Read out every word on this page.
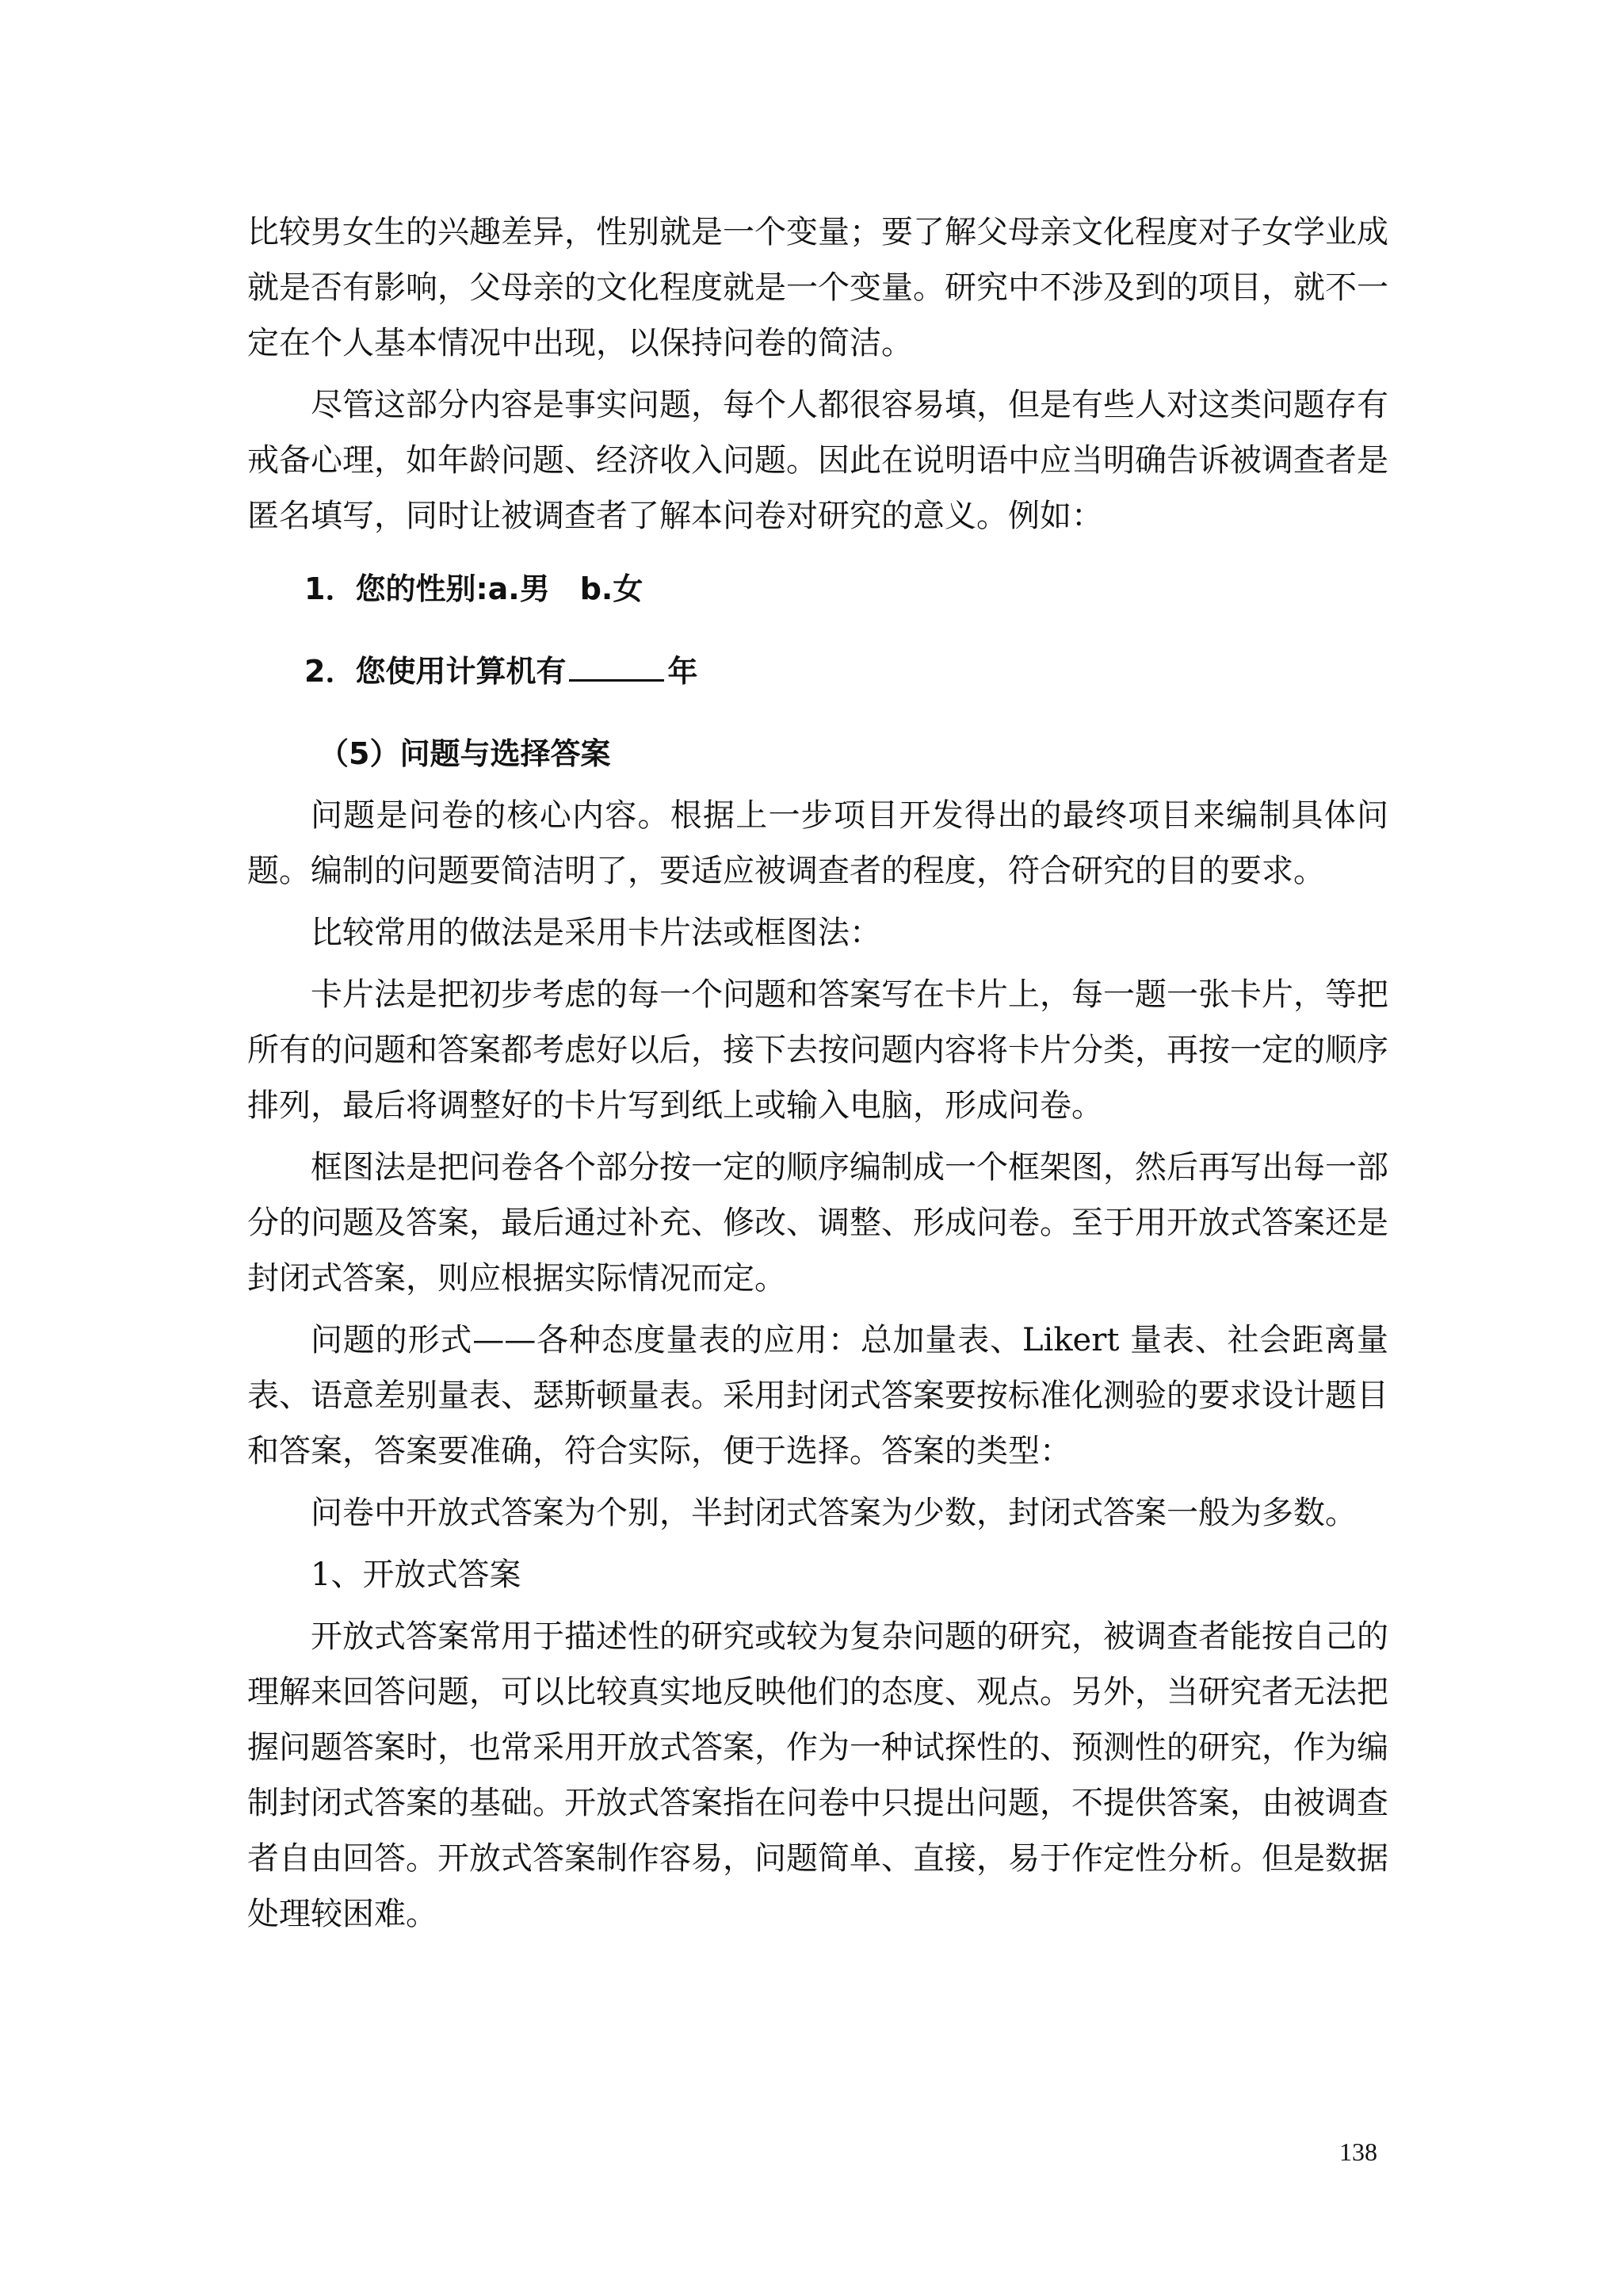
比较男女生的兴趣差异，性别就是一个变量；要了解父母亲文化程度对子女学业成就是否有影响，父母亲的文化程度就是一个变量。研究中不涉及到的项目，就不一定在个人基本情况中出现，以保持问卷的简洁。

尽管这部分内容是事实问题，每个人都很容易填，但是有些人对这类问题存有戒备心理，如年龄问题、经济收入问题。因此在说明语中应当明确告诉被调查者是匿名填写，同时让被调查者了解本问卷对研究的意义。例如：

1．您的性别:a.男　b.女

2．您使用计算机有	年

（5）问题与选择答案

问题是问卷的核心内容。根据上一步项目开发得出的最终项目来编制具体问题。编制的问题要简洁明了，要适应被调查者的程度，符合研究的目的要求。

比较常用的做法是采用卡片法或框图法：

卡片法是把初步考虑的每一个问题和答案写在卡片上，每一题一张卡片，等把所有的问题和答案都考虑好以后，接下去按问题内容将卡片分类，再按一定的顺序排列，最后将调整好的卡片写到纸上或输入电脑，形成问卷。

框图法是把问卷各个部分按一定的顺序编制成一个框架图，然后再写出每一部分的问题及答案，最后通过补充、修改、调整、形成问卷。至于用开放式答案还是封闭式答案，则应根据实际情况而定。

问题的形式——各种态度量表的应用：总加量表、Likert 量表、社会距离量表、语意差别量表、瑟斯顿量表。采用封闭式答案要按标准化测验的要求设计题目和答案，答案要准确，符合实际，便于选择。答案的类型：

问卷中开放式答案为个别，半封闭式答案为少数，封闭式答案一般为多数。

1、开放式答案

开放式答案常用于描述性的研究或较为复杂问题的研究，被调查者能按自己的理解来回答问题，可以比较真实地反映他们的态度、观点。另外，当研究者无法把握问题答案时，也常采用开放式答案，作为一种试探性的、预测性的研究，作为编制封闭式答案的基础。开放式答案指在问卷中只提出问题，不提供答案，由被调查者自由回答。开放式答案制作容易，问题简单、直接，易于作定性分析。但是数据处理较困难。

138
